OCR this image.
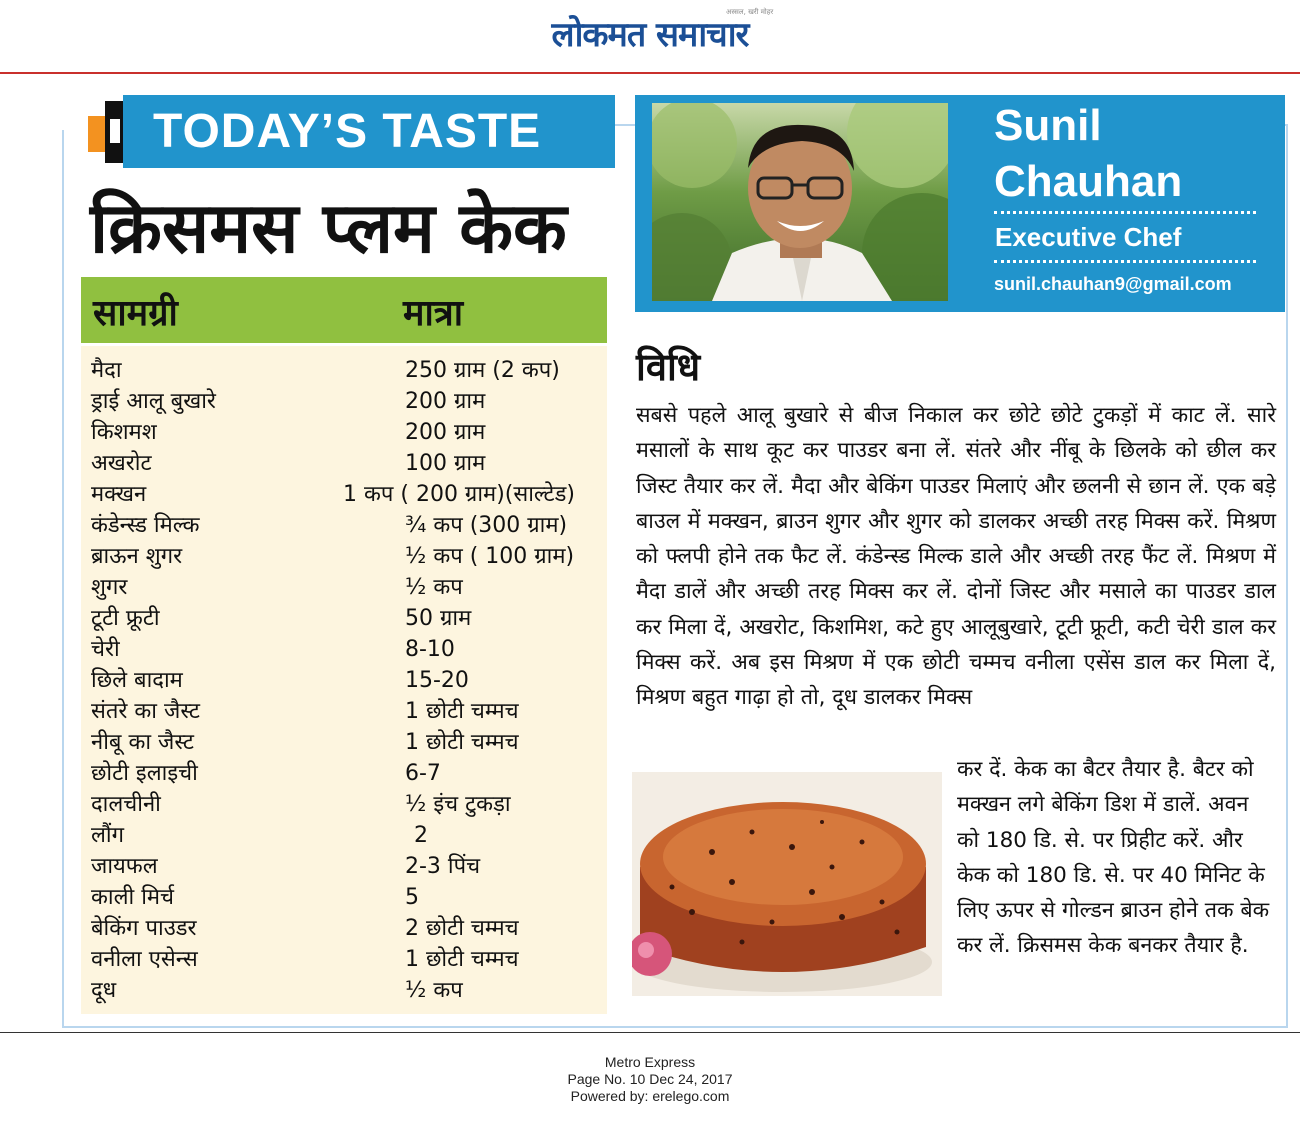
लोकमत समाचार
अस्सल, खरी मोहर
TODAY’S TASTE
क्रिसमस प्लम केक
सामग्री	मात्रा
मैदा	250 ग्राम (2 कप)
ड्राई आलू बुखारे	200 ग्राम
किशमश	200 ग्राम
अखरोट	100 ग्राम
मक्खन	1 कप ( 200 ग्राम)(साल्टेड)
कंडेन्स्ड मिल्क	¾ कप (300 ग्राम)
ब्राऊन शुगर	½ कप ( 100 ग्राम)
शुगर	½ कप
टूटी फ्रूटी	50 ग्राम
चेरी	8-10
छिले बादाम	15-20
संतरे का जैस्ट	1 छोटी चम्मच
नीबू का जैस्ट	1 छोटी चम्मच
छोटी इलाइची	6-7
दालचीनी	½ इंच टुकड़ा
लौंग	2
जायफल	2-3 पिंच
काली मिर्च	5
बेकिंग पाउडर	2 छोटी चम्मच
वनीला एसेन्स	1 छोटी चम्मच
दूध	½ कप
Sunil
Chauhan
Executive Chef
sunil.chauhan9@gmail.com
विधि

सबसे पहले आलू बुखारे से बीज निकाल कर छोटे छोटे टुकड़ों में काट लें. सारे मसालों के साथ कूट कर पाउडर बना लें. संतरे और नींबू के छिलके को छील कर जिस्ट तैयार कर लें. मैदा और बेकिंग पाउडर मिलाएं और छलनी से छान लें. एक बड़े बाउल में मक्खन, ब्राउन शुगर और शुगर को डालकर अच्छी तरह मिक्स करें. मिश्रण को फ्लपी होने तक फैट लें. कंडेन्स्ड मिल्क डाले और अच्छी तरह फैंट लें. मिश्रण में मैदा डालें और अच्छी तरह मिक्स कर लें. दोनों जिस्ट और मसाले का पाउडर डाल कर मिला दें, अखरोट, किशमिश, कटे हुए आलूबुखारे, टूटी फ्रूटी, कटी चेरी डाल कर मिक्स करें. अब इस मिश्रण में एक छोटी चम्मच वनीला एसेंस डाल कर मिला दें, मिश्रण बहुत गाढ़ा हो तो, दूध डालकर मिक्स

कर दें. केक का बैटर तैयार है. बैटर को मक्खन लगे बेकिंग डिश में डालें. अवन को 180 डि. से. पर प्रिहीट करें. और केक को 180 डि. से. पर 40 मिनिट के लिए ऊपर से गोल्डन ब्राउन होने तक बेक कर लें. क्रिसमस केक बनकर तैयार है.

Metro Express
Page No. 10 Dec 24, 2017
Powered by: erelego.com
